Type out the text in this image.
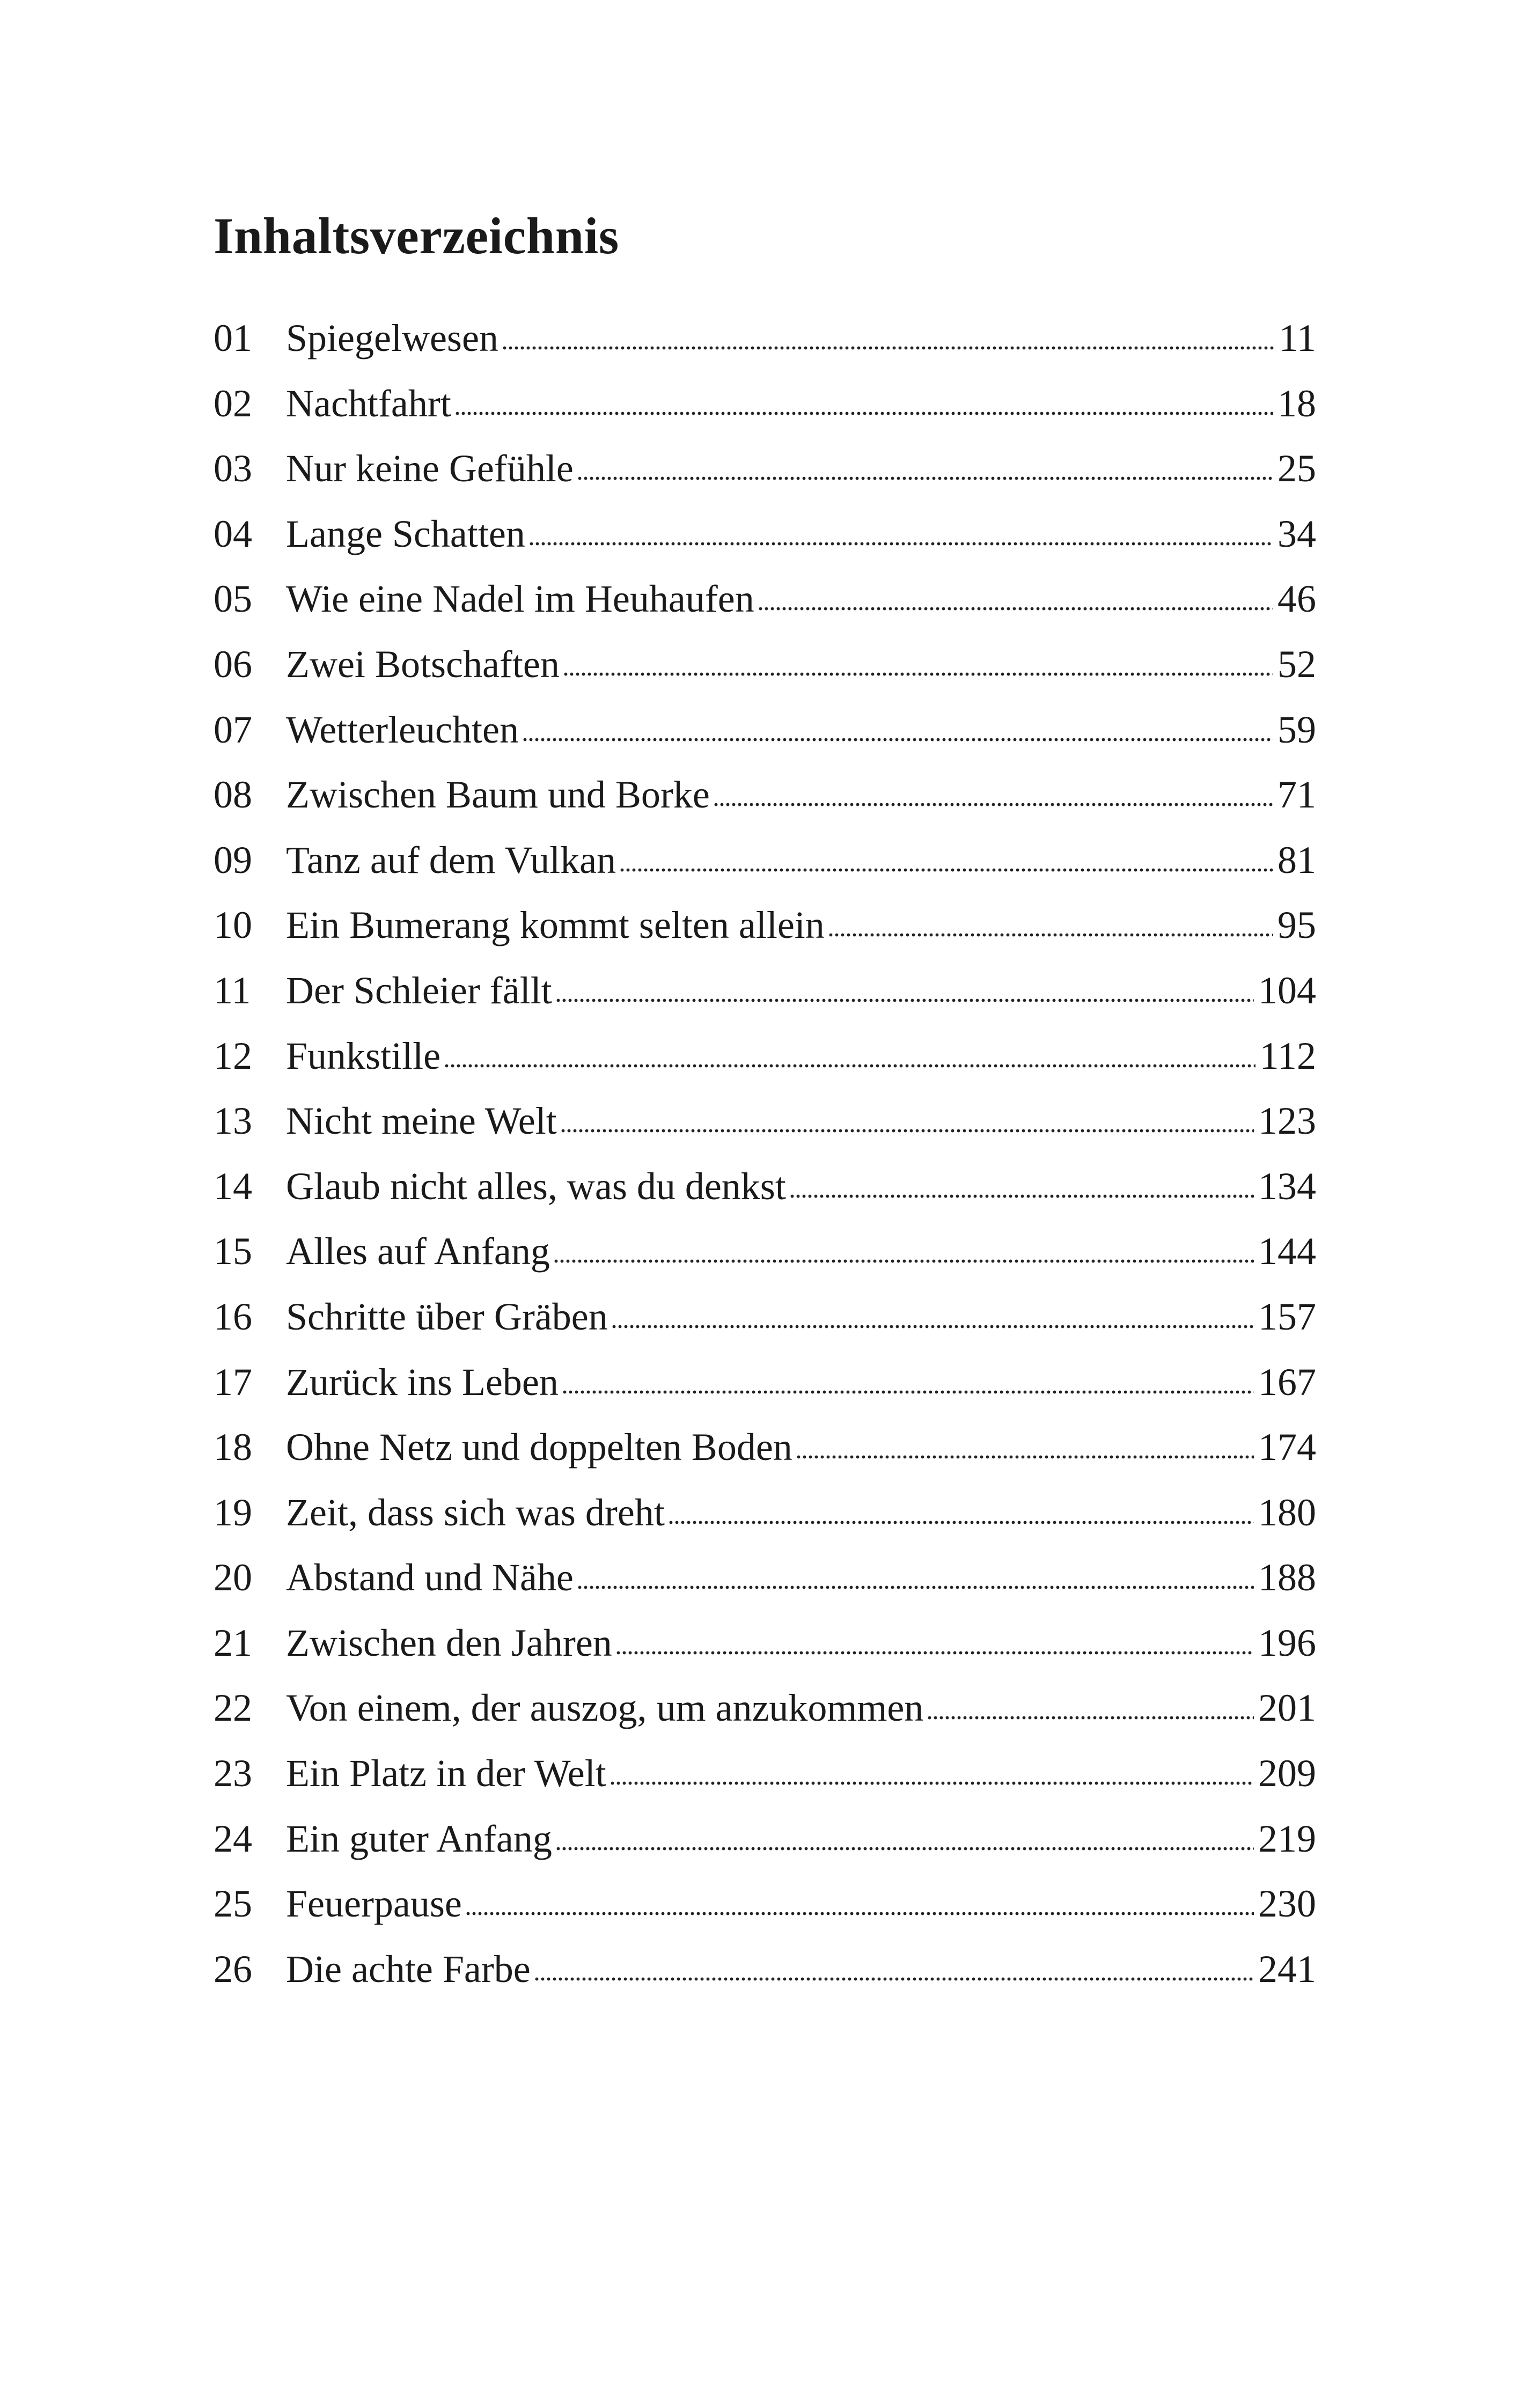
Inhaltsverzeichnis
01 Spiegelwesen	11
02 Nachtfahrt	18
03 Nur keine Gefühle	25
04 Lange Schatten	34
05 Wie eine Nadel im Heuhaufen	46
06 Zwei Botschaften	52
07 Wetterleuchten	59
08 Zwischen Baum und Borke	71
09 Tanz auf dem Vulkan	81
10 Ein Bumerang kommt selten allein	95
11 Der Schleier fällt	104
12 Funkstille	112
13 Nicht meine Welt	123
14 Glaub nicht alles, was du denkst	134
15 Alles auf Anfang	144
16 Schritte über Gräben	157
17 Zurück ins Leben	167
18 Ohne Netz und doppelten Boden	174
19 Zeit, dass sich was dreht	180
20 Abstand und Nähe	188
21 Zwischen den Jahren	196
22 Von einem, der auszog, um anzukommen	201
23 Ein Platz in der Welt	209
24 Ein guter Anfang	219
25 Feuerpause	230
26 Die achte Farbe	241
